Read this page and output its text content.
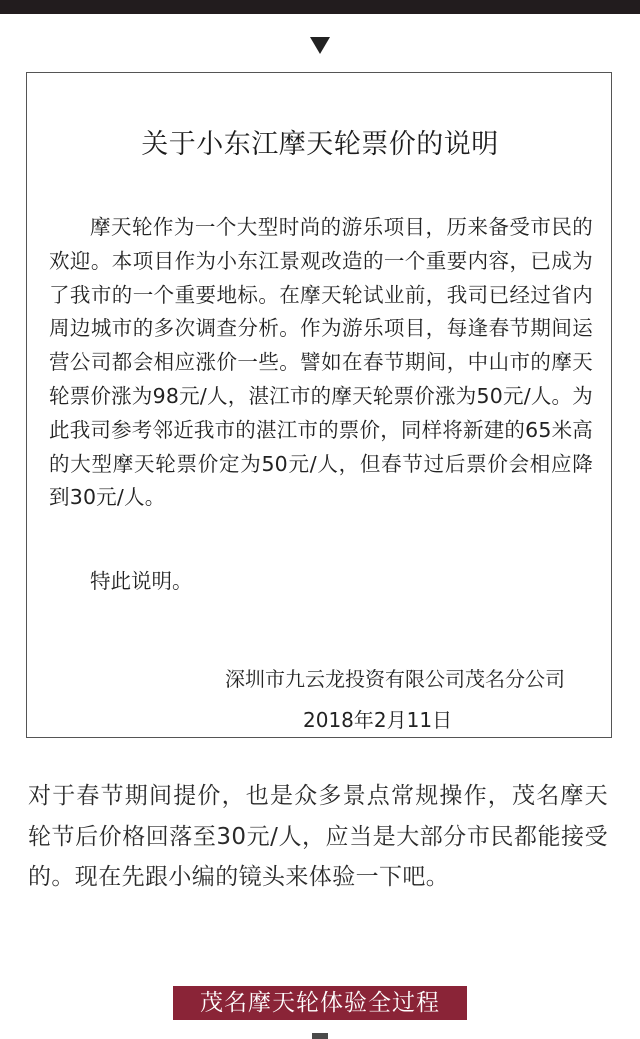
关于小东江摩天轮票价的说明

摩天轮作为一个大型时尚的游乐项目，历来备受市民的欢迎。本项目作为小东江景观改造的一个重要内容，已成为了我市的一个重要地标。在摩天轮试业前，我司已经过省内周边城市的多次调查分析。作为游乐项目，每逢春节期间运营公司都会相应涨价一些。譬如在春节期间，中山市的摩天轮票价涨为98元/人，湛江市的摩天轮票价涨为50元/人。为此我司参考邻近我市的湛江市的票价，同样将新建的65米高的大型摩天轮票价定为50元/人，但春节过后票价会相应降到30元/人。

特此说明。

深圳市九云龙投资有限公司茂名分公司

2018年2月11日

对于春节期间提价，也是众多景点常规操作，茂名摩天轮节后价格回落至30元/人，应当是大部分市民都能接受的。现在先跟小编的镜头来体验一下吧。

茂名摩天轮体验全过程
